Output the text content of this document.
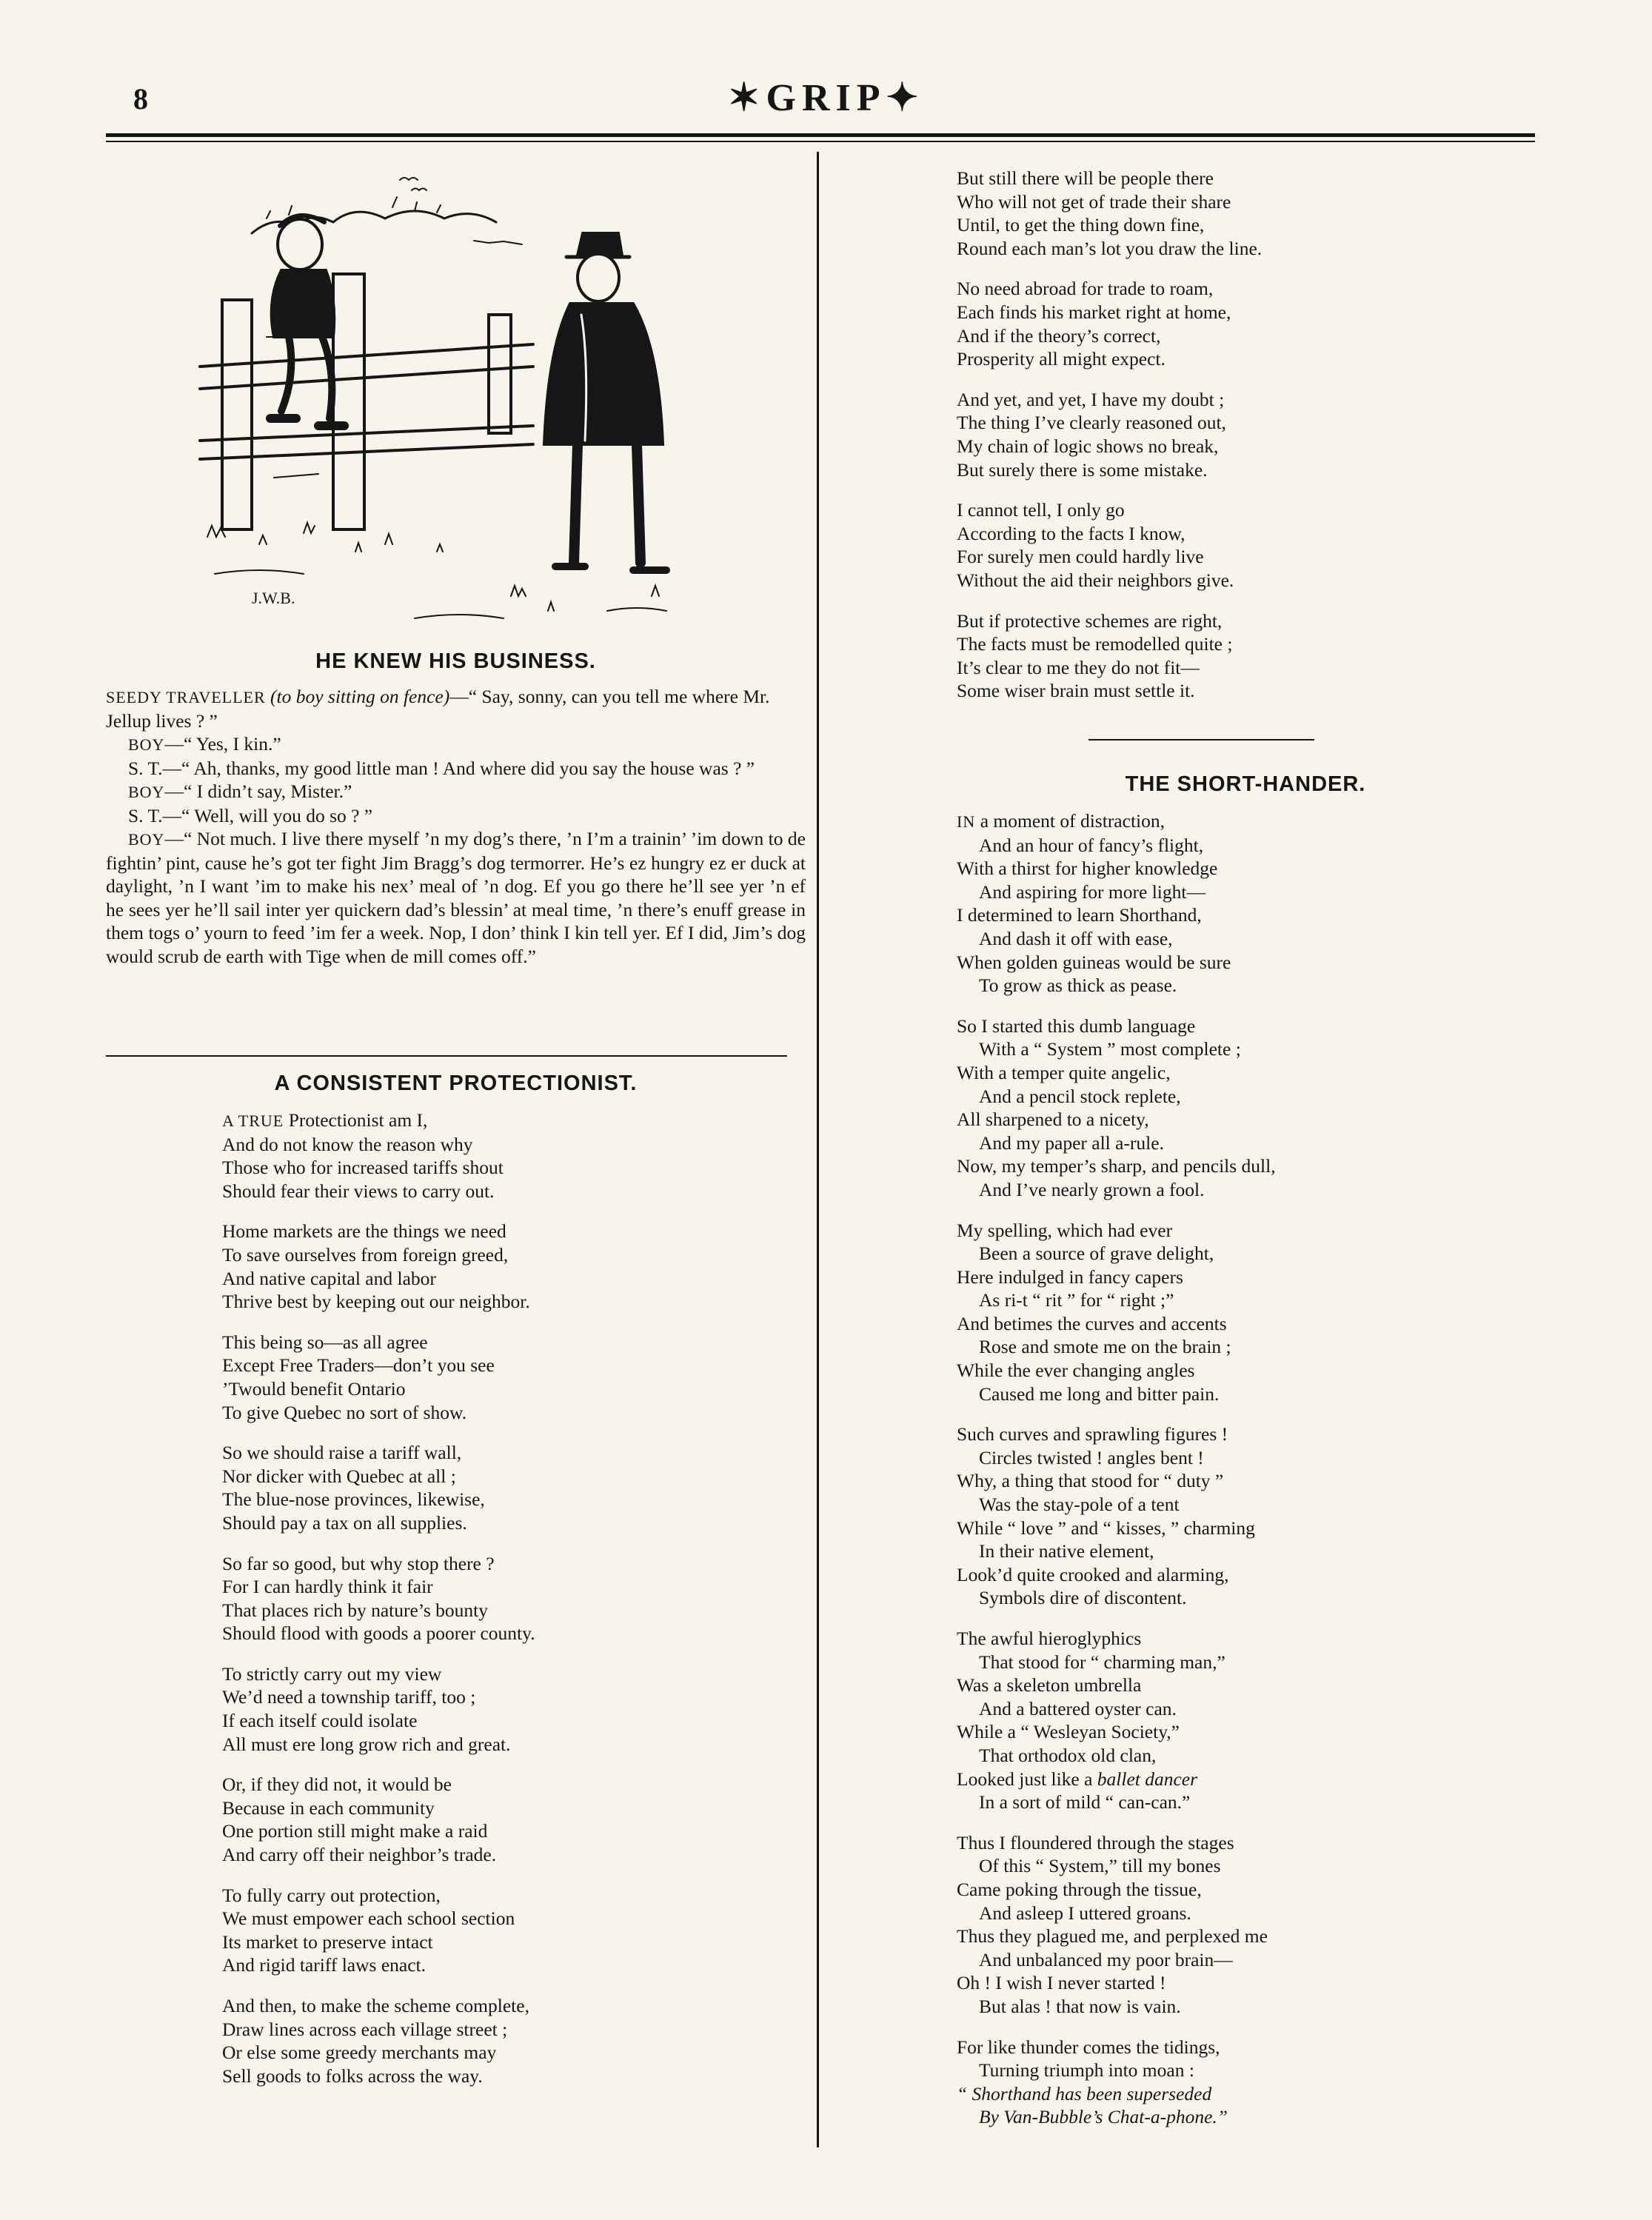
8	✶GRIP✦
J.W.B.
HE KNEW HIS BUSINESS.

SEEDY TRAVELLER (to boy sitting on fence)—“ Say, sonny, can you tell me where Mr. Jellup lives ? ”

BOY—“ Yes, I kin.”

S. T.—“ Ah, thanks, my good little man ! And where did you say the house was ? ”

BOY—“ I didn’t say, Mister.”

S. T.—“ Well, will you do so ? ”

BOY—“ Not much. I live there myself ’n my dog’s there, ’n I’m a trainin’ ’im down to de fightin’ pint, cause he’s got ter fight Jim Bragg’s dog termorrer. He’s ez hungry ez er duck at daylight, ’n I want ’im to make his nex’ meal of ’n dog. Ef you go there he’ll see yer ’n ef he sees yer he’ll sail inter yer quickern dad’s blessin’ at meal time, ’n there’s enuff grease in them togs o’ yourn to feed ’im fer a week. Nop, I don’ think I kin tell yer. Ef I did, Jim’s dog would scrub de earth with Tige when de mill comes off.”

A CONSISTENT PROTECTIONIST.
A TRUE Protectionist am I,
And do not know the reason why
Those who for increased tariffs shout
Should fear their views to carry out.
Home markets are the things we need
To save ourselves from foreign greed,
And native capital and labor
Thrive best by keeping out our neighbor.
This being so—as all agree
Except Free Traders—don’t you see
’Twould benefit Ontario
To give Quebec no sort of show.
So we should raise a tariff wall,
Nor dicker with Quebec at all ;
The blue-nose provinces, likewise,
Should pay a tax on all supplies.
So far so good, but why stop there ?
For I can hardly think it fair
That places rich by nature’s bounty
Should flood with goods a poorer county.
To strictly carry out my view
We’d need a township tariff, too ;
If each itself could isolate
All must ere long grow rich and great.
Or, if they did not, it would be
Because in each community
One portion still might make a raid
And carry off their neighbor’s trade.
To fully carry out protection,
We must empower each school section
Its market to preserve intact
And rigid tariff laws enact.
And then, to make the scheme complete,
Draw lines across each village street ;
Or else some greedy merchants may
Sell goods to folks across the way.
But still there will be people there
Who will not get of trade their share
Until, to get the thing down fine,
Round each man’s lot you draw the line.
No need abroad for trade to roam,
Each finds his market right at home,
And if the theory’s correct,
Prosperity all might expect.
And yet, and yet, I have my doubt ;
The thing I’ve clearly reasoned out,
My chain of logic shows no break,
But surely there is some mistake.
I cannot tell, I only go
According to the facts I know,
For surely men could hardly live
Without the aid their neighbors give.
But if protective schemes are right,
The facts must be remodelled quite ;
It’s clear to me they do not fit—
Some wiser brain must settle it.
THE SHORT-HANDER.
IN a moment of distraction,
And an hour of fancy’s flight,
With a thirst for higher knowledge
And aspiring for more light—
I determined to learn Shorthand,
And dash it off with ease,
When golden guineas would be sure
To grow as thick as pease.
So I started this dumb language
With a “ System ” most complete ;
With a temper quite angelic,
And a pencil stock replete,
All sharpened to a nicety,
And my paper all a-rule.
Now, my temper’s sharp, and pencils dull,
And I’ve nearly grown a fool.
My spelling, which had ever
Been a source of grave delight,
Here indulged in fancy capers
As ri-t “ rit ” for “ right ;”
And betimes the curves and accents
Rose and smote me on the brain ;
While the ever changing angles
Caused me long and bitter pain.
Such curves and sprawling figures !
Circles twisted ! angles bent !
Why, a thing that stood for “ duty ”
Was the stay-pole of a tent
While “ love ” and “ kisses, ” charming
In their native element,
Look’d quite crooked and alarming,
Symbols dire of discontent.
The awful hieroglyphics
That stood for “ charming man,”
Was a skeleton umbrella
And a battered oyster can.
While a “ Wesleyan Society,”
That orthodox old clan,
Looked just like a ballet dancer
In a sort of mild “ can-can.”
Thus I floundered through the stages
Of this “ System,” till my bones
Came poking through the tissue,
And asleep I uttered groans.
Thus they plagued me, and perplexed me
And unbalanced my poor brain—
Oh ! I wish I never started !
But alas ! that now is vain.
For like thunder comes the tidings,
Turning triumph into moan :
“ Shorthand has been superseded
By Van-Bubble’s Chat-a-phone.”
